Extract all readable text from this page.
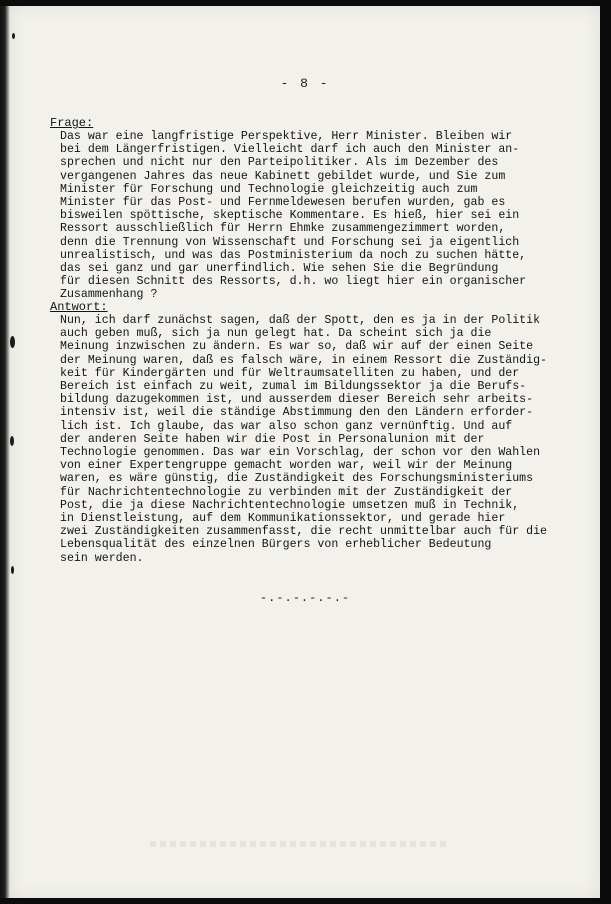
- 8 -
Frage:
Das war eine langfristige Perspektive, Herr Minister. Bleiben wir
bei dem Längerfristigen. Vielleicht darf ich auch den Minister an-
sprechen und nicht nur den Parteipolitiker. Als im Dezember des
vergangenen Jahres das neue Kabinett gebildet wurde, und Sie zum
Minister für Forschung und Technologie gleichzeitig auch zum
Minister für das Post- und Fernmeldewesen berufen wurden, gab es
bisweilen spöttische, skeptische Kommentare. Es hieß, hier sei ein
Ressort ausschließlich für Herrn Ehmke zusammengezimmert worden,
denn die Trennung von Wissenschaft und Forschung sei ja eigentlich
unrealistisch, und was das Postministerium da noch zu suchen hätte,
das sei ganz und gar unerfindlich. Wie sehen Sie die Begründung
für diesen Schnitt des Ressorts, d.h. wo liegt hier ein organischer
Zusammenhang ?
Antwort:
Nun, ich darf zunächst sagen, daß der Spott, den es ja in der Politik
auch geben muß, sich ja nun gelegt hat. Da scheint sich ja die
Meinung inzwischen zu ändern. Es war so, daß wir auf der einen Seite
der Meinung waren, daß es falsch wäre, in einem Ressort die Zuständig-
keit für Kindergärten und für Weltraumsatelliten zu haben, und der
Bereich ist einfach zu weit, zumal im Bildungssektor ja die Berufs-
bildung dazugekommen ist, und ausserdem dieser Bereich sehr arbeits-
intensiv ist, weil die ständige Abstimmung den den Ländern erforder-
lich ist. Ich glaube, das war also schon ganz vernünftig. Und auf
der anderen Seite haben wir die Post in Personalunion mit der
Technologie genommen. Das war ein Vorschlag, der schon vor den Wahlen
von einer Expertengruppe gemacht worden war, weil wir der Meinung
waren, es wäre günstig, die Zuständigkeit des Forschungsministeriums
für Nachrichtentechnologie zu verbinden mit der Zuständigkeit der
Post, die ja diese Nachrichtentechnologie umsetzen muß in Technik,
in Dienstleistung, auf dem Kommunikationssektor, und gerade hier
zwei Zuständigkeiten zusammenfasst, die recht unmittelbar auch für die
Lebensqualität des einzelnen Bürgers von erheblicher Bedeutung
sein werden.
-.-.-.-.-.-
